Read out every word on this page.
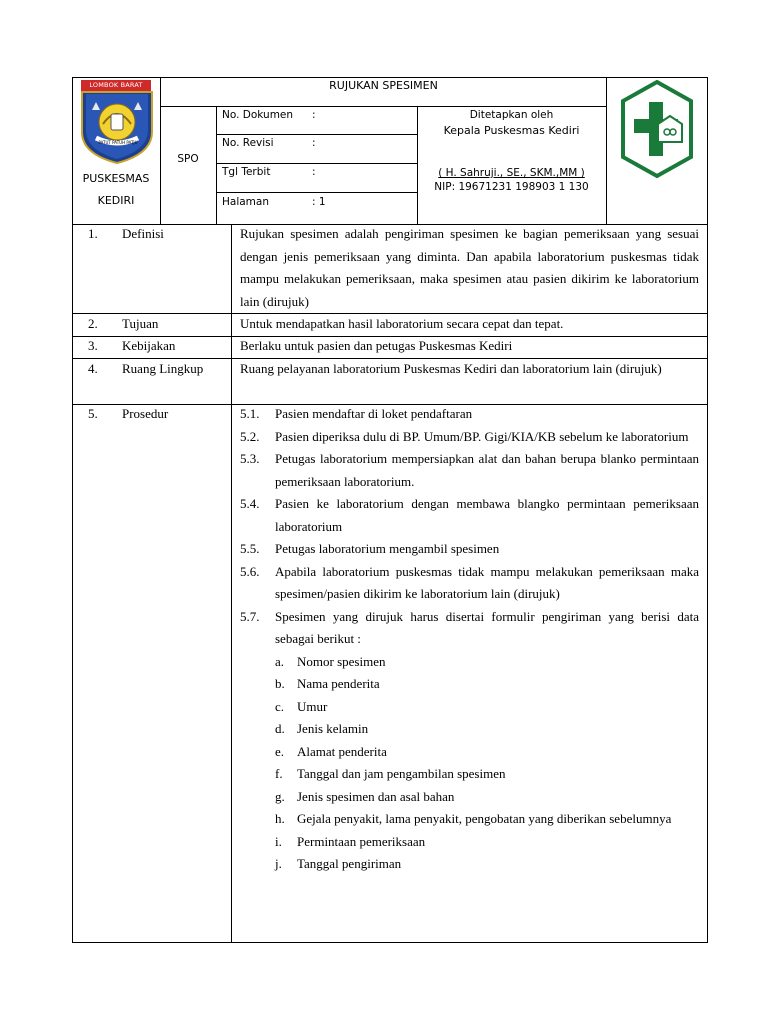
LOMBOK BARAT
PATUT PATUH PATJU
PUSKESMAS
KEDIRI
RUJUKAN SPESIMEN
SPO
No. Dokumen :
No. Revisi	:
Tgl Terbit	:
Halaman	: 1
Ditetapkan oleh
Kepala Puskesmas Kediri
( H. Sahruji., SE., SKM.,MM )
NIP: 19671231 198903 1 130
1.	Definisi	Rujukan spesimen adalah pengiriman spesimen ke bagian pemeriksaan yang sesuai dengan jenis pemeriksaan yang diminta. Dan apabila laboratorium puskesmas tidak mampu melakukan pemeriksaan, maka spesimen atau pasien dikirim ke laboratorium lain (dirujuk)
2.	Tujuan	Untuk mendapatkan hasil laboratorium secara cepat dan tepat.
3.	Kebijakan	Berlaku untuk pasien dan petugas Puskesmas Kediri
4.	Ruang Lingkup	Ruang pelayanan laboratorium Puskesmas Kediri dan laboratorium lain (dirujuk)
5.	Prosedur	5.1.	Pasien mendaftar di loket pendaftaran
5.2.	Pasien diperiksa dulu di BP. Umum/BP. Gigi/KIA/KB sebelum ke laboratorium
5.3.	Petugas laboratorium mempersiapkan alat dan bahan berupa blanko permintaan pemeriksaan laboratorium.
5.4.	Pasien ke laboratorium dengan membawa blangko permintaan pemeriksaan laboratorium
5.5.	Petugas laboratorium mengambil spesimen
5.6.	Apabila laboratorium puskesmas tidak mampu melakukan pemeriksaan maka spesimen/pasien dikirim ke laboratorium lain (dirujuk)
5.7.	Spesimen yang dirujuk harus disertai formulir pengiriman yang berisi data sebagai berikut :
a. Nomor spesimen
b. Nama penderita
c. Umur
d. Jenis kelamin
e. Alamat penderita
f.	Tanggal dan jam pengambilan spesimen
g. Jenis spesimen dan asal bahan
h. Gejala penyakit, lama penyakit, pengobatan yang diberikan sebelumnya
i.	Permintaan pemeriksaan
j.	Tanggal pengiriman
